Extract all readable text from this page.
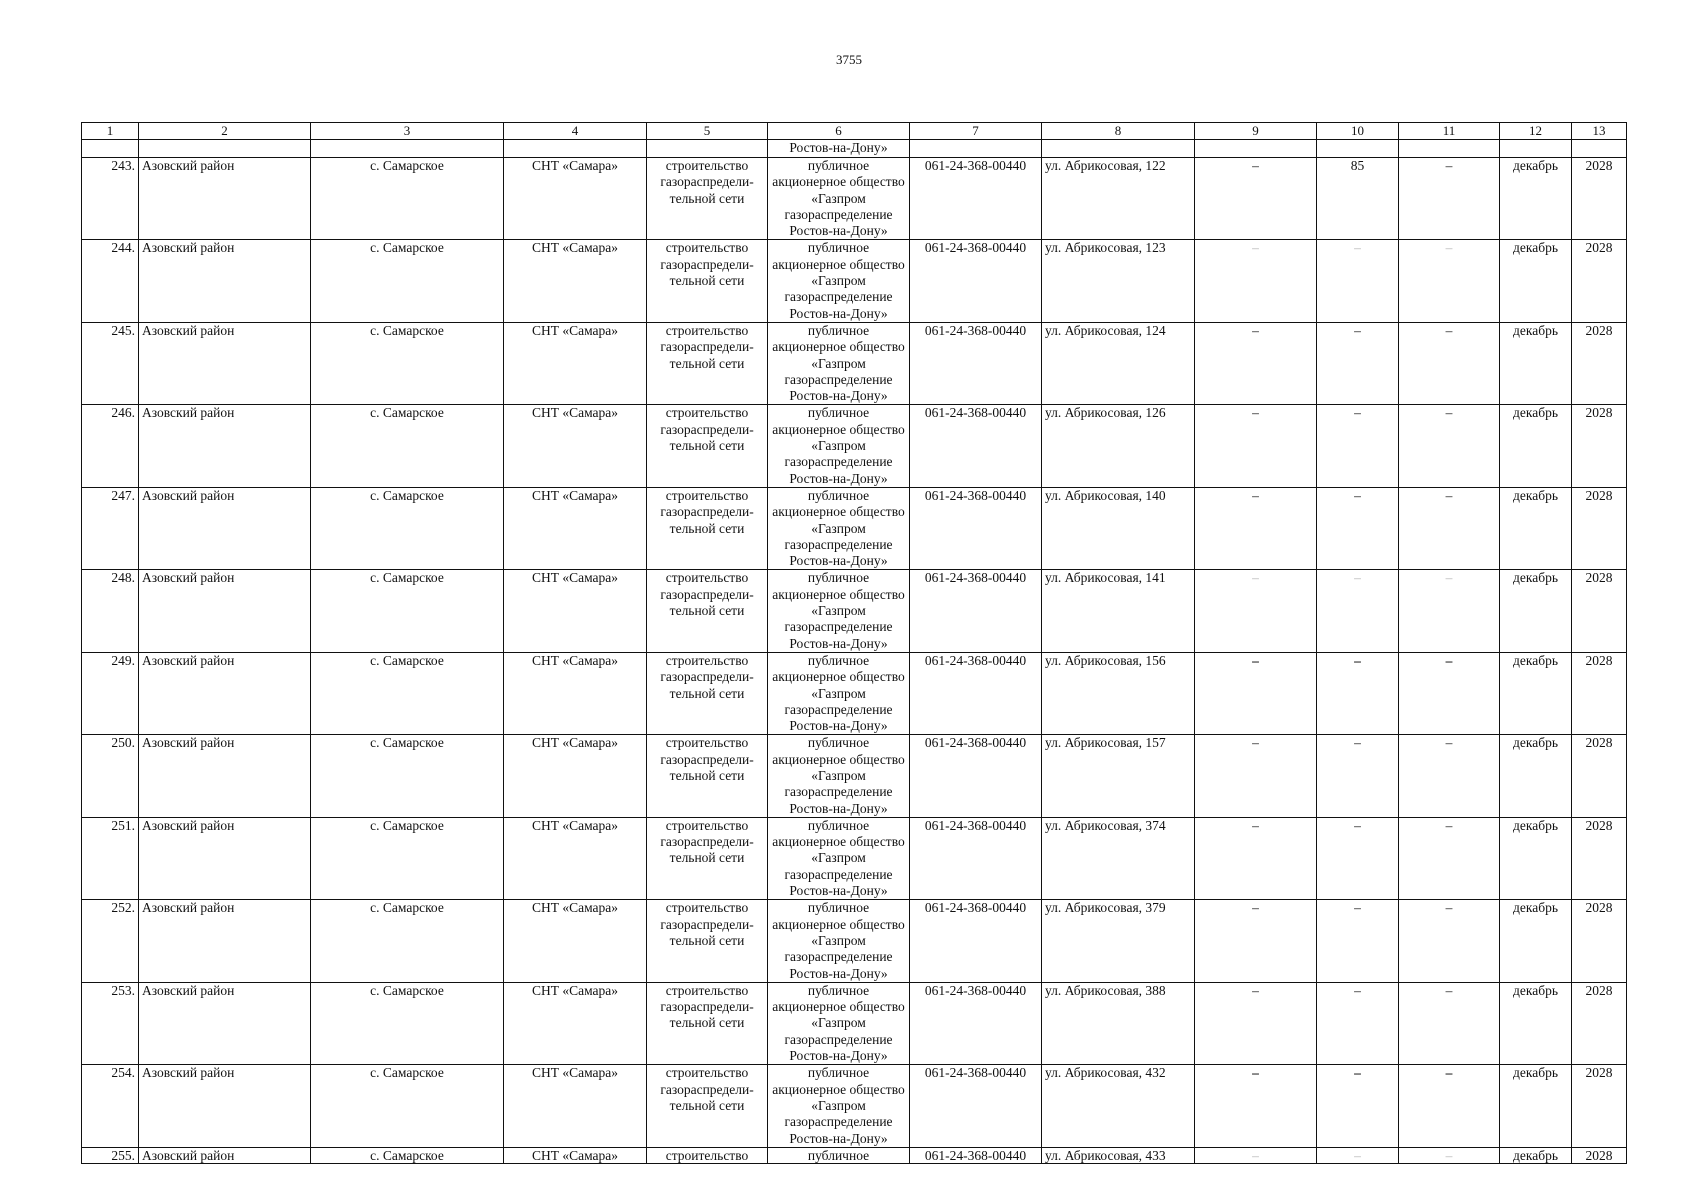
3755
1	2	3	4	5	6	7	8	9	10	11	12	13
					Ростов-на-Дону»							
243.	Азовский район	с. Самарское	СНТ «Самара»	строительство газораспредели-тельной сети	публичное акционерное общество «Газпром газораспределение Ростов-на-Дону»	061-24-368-00440	ул. Абрикосовая, 122	–	85	–	декабрь	2028
244.	Азовский район	с. Самарское	СНТ «Самара»	строительство газораспредели-тельной сети	публичное акционерное общество «Газпром газораспределение Ростов-на-Дону»	061-24-368-00440	ул. Абрикосовая, 123	–	–	–	декабрь	2028
245.	Азовский район	с. Самарское	СНТ «Самара»	строительство газораспредели-тельной сети	публичное акционерное общество «Газпром газораспределение Ростов-на-Дону»	061-24-368-00440	ул. Абрикосовая, 124	–	–	–	декабрь	2028
246.	Азовский район	с. Самарское	СНТ «Самара»	строительство газораспредели-тельной сети	публичное акционерное общество «Газпром газораспределение Ростов-на-Дону»	061-24-368-00440	ул. Абрикосовая, 126	–	–	–	декабрь	2028
247.	Азовский район	с. Самарское	СНТ «Самара»	строительство газораспредели-тельной сети	публичное акционерное общество «Газпром газораспределение Ростов-на-Дону»	061-24-368-00440	ул. Абрикосовая, 140	–	–	–	декабрь	2028
248.	Азовский район	с. Самарское	СНТ «Самара»	строительство газораспредели-тельной сети	публичное акционерное общество «Газпром газораспределение Ростов-на-Дону»	061-24-368-00440	ул. Абрикосовая, 141	–	–	–	декабрь	2028
249.	Азовский район	с. Самарское	СНТ «Самара»	строительство газораспредели-тельной сети	публичное акционерное общество «Газпром газораспределение Ростов-на-Дону»	061-24-368-00440	ул. Абрикосовая, 156	–	–	–	декабрь	2028
250.	Азовский район	с. Самарское	СНТ «Самара»	строительство газораспредели-тельной сети	публичное акционерное общество «Газпром газораспределение Ростов-на-Дону»	061-24-368-00440	ул. Абрикосовая, 157	–	–	–	декабрь	2028
251.	Азовский район	с. Самарское	СНТ «Самара»	строительство газораспредели-тельной сети	публичное акционерное общество «Газпром газораспределение Ростов-на-Дону»	061-24-368-00440	ул. Абрикосовая, 374	–	–	–	декабрь	2028
252.	Азовский район	с. Самарское	СНТ «Самара»	строительство газораспредели-тельной сети	публичное акционерное общество «Газпром газораспределение Ростов-на-Дону»	061-24-368-00440	ул. Абрикосовая, 379	–	–	–	декабрь	2028
253.	Азовский район	с. Самарское	СНТ «Самара»	строительство газораспредели-тельной сети	публичное акционерное общество «Газпром газораспределение Ростов-на-Дону»	061-24-368-00440	ул. Абрикосовая, 388	–	–	–	декабрь	2028
254.	Азовский район	с. Самарское	СНТ «Самара»	строительство газораспредели-тельной сети	публичное акционерное общество «Газпром газораспределение Ростов-на-Дону»	061-24-368-00440	ул. Абрикосовая, 432	–	–	–	декабрь	2028
255.	Азовский район	с. Самарское	СНТ «Самара»	строительство	публичное	061-24-368-00440	ул. Абрикосовая, 433	–	–	–	декабрь	2028
